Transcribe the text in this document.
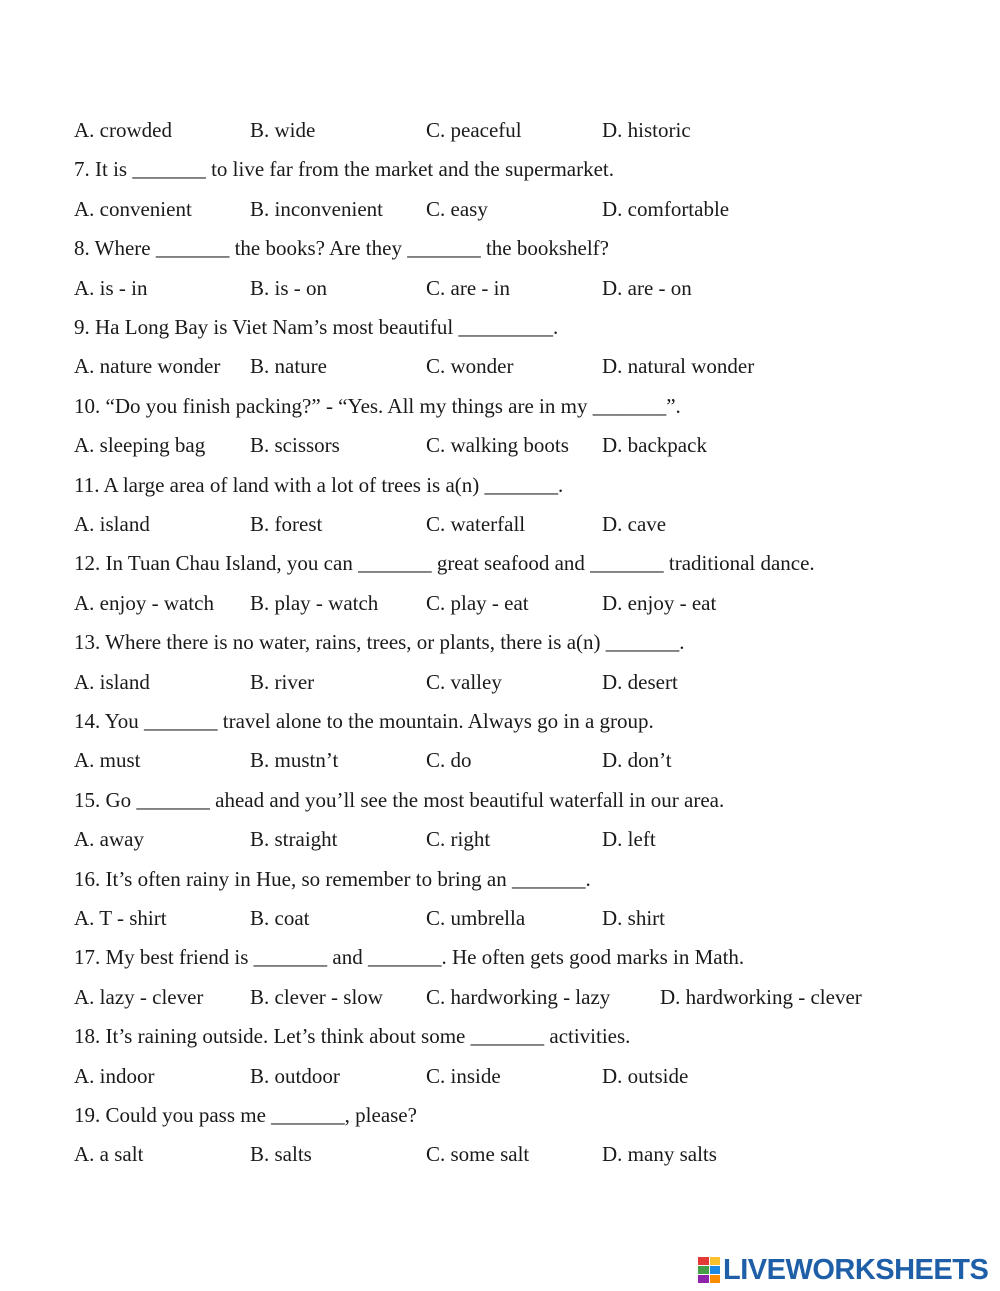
A. crowded	B. wide	C. peaceful	D. historic
7. It is _______ to live far from the market and the supermarket.
A. convenient	B. inconvenient C. easy	D. comfortable
8. Where _______ the books? Are they _______ the bookshelf?
A. is - in	B. is - on	C. are - in	D. are - on
9. Ha Long Bay is Viet Nam’s most beautiful _________.
A. nature wonder B. nature	C. wonder	D. natural wonder
10. “Do you finish packing?” - “Yes. All my things are in my _______”.
A. sleeping bag B. scissors	C. walking boots D. backpack
11. A large area of land with a lot of trees is a(n) _______.
A. island	B. forest	C. waterfall	D. cave
12. In Tuan Chau Island, you can _______ great seafood and _______ traditional dance.
A. enjoy - watch B. play - watch C. play - eat	D. enjoy - eat
13. Where there is no water, rains, trees, or plants, there is a(n) _______.
A. island	B. river	C. valley	D. desert
14. You _______ travel alone to the mountain. Always go in a group.
A. must	B. mustn’t	C. do	D. don’t
15. Go _______ ahead and you’ll see the most beautiful waterfall in our area.
A. away	B. straight	C. right	D. left
16. It’s often rainy in Hue, so remember to bring an _______.
A. T - shirt	B. coat	C. umbrella	D. shirt
17. My best friend is _______ and _______. He often gets good marks in Math.
A. lazy - clever B. clever - slow C. hardworking - lazy D. hardworking - clever
18. It’s raining outside. Let’s think about some _______ activities.
A. indoor	B. outdoor	C. inside	D. outside
19. Could you pass me _______, please?
A. a salt	B. salts	C. some salt	D. many salts
LIVEWORKSHEETS
